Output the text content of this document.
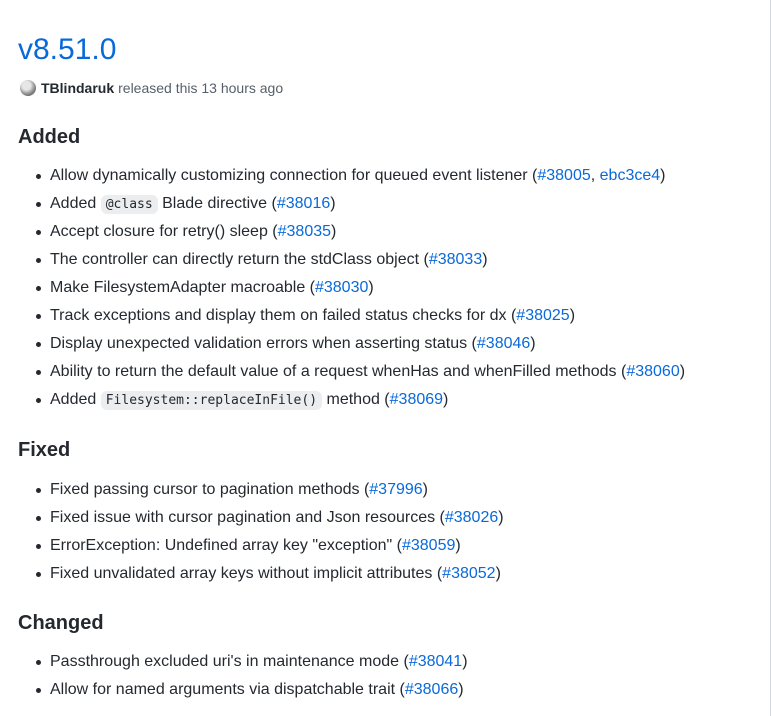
v8.51.0
TBlindaruk released this 13 hours ago
Added
Allow dynamically customizing connection for queued event listener (#38005, ebc3ce4)
Added @class Blade directive (#38016)
Accept closure for retry() sleep (#38035)
The controller can directly return the stdClass object (#38033)
Make FilesystemAdapter macroable (#38030)
Track exceptions and display them on failed status checks for dx (#38025)
Display unexpected validation errors when asserting status (#38046)
Ability to return the default value of a request whenHas and whenFilled methods (#38060)
Added Filesystem::replaceInFile() method (#38069)
Fixed
Fixed passing cursor to pagination methods (#37996)
Fixed issue with cursor pagination and Json resources (#38026)
ErrorException: Undefined array key "exception" (#38059)
Fixed unvalidated array keys without implicit attributes (#38052)
Changed
Passthrough excluded uri's in maintenance mode (#38041)
Allow for named arguments via dispatchable trait (#38066)
